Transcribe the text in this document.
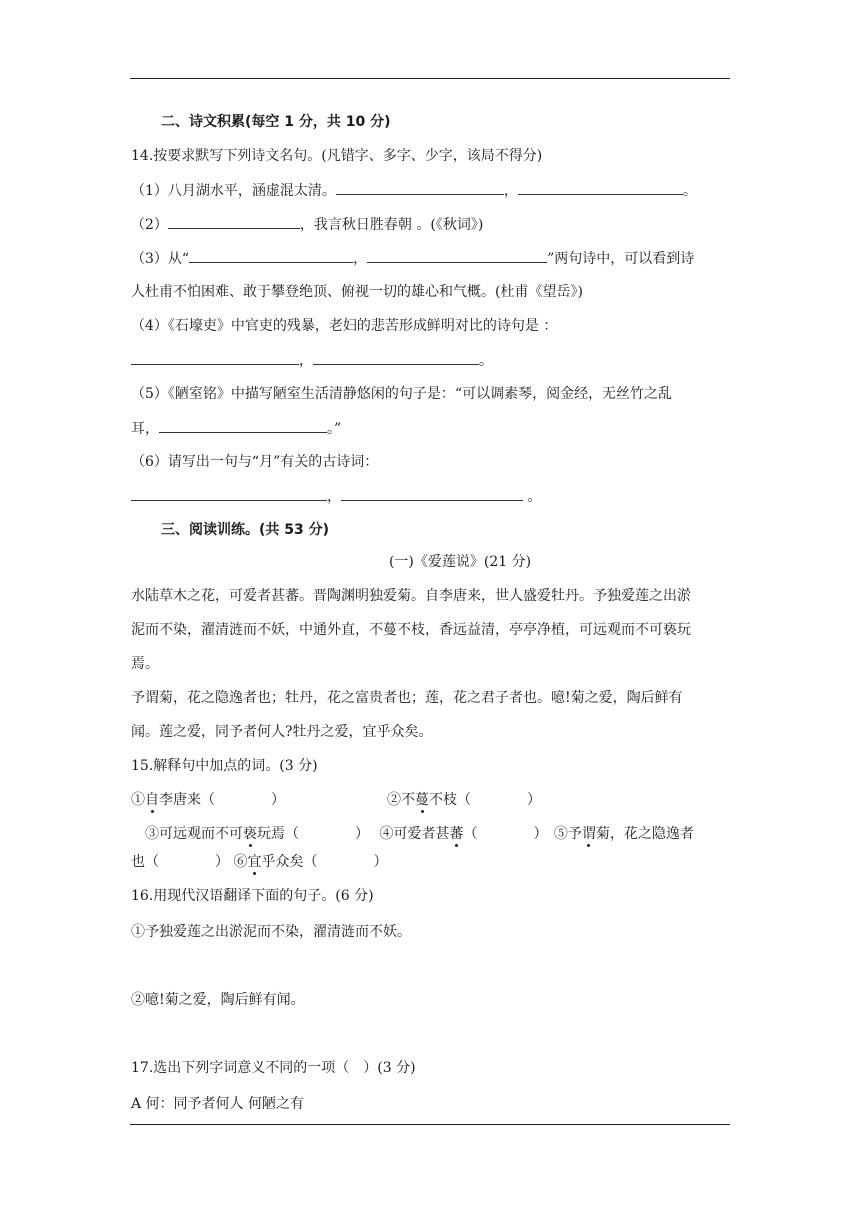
二、诗文积累(每空 1 分，共 10 分)
14.按要求默写下列诗文名句。(凡错字、多字、少字，该局不得分)
（1）八月湖水平，涵虚混太清。	，	。
（2）	，我言秋日胜春朝 。(《秋词》)
（3）从“	，	”两句诗中，可以看到诗
人杜甫不怕困难、敢于攀登绝顶、俯视一切的雄心和气概。(杜甫《望岳》)
（4）《石壕吏》中官吏的残暴，老妇的悲苦形成鲜明对比的诗句是 ：
，	。
（5）《陋室铭》中描写陋室生活清静悠闲的句子是：“可以调素琴，阅金经，无丝竹之乱
耳，	。”
（6）请写出一句与“月”有关的古诗词：
，	。
三、阅读训练。(共 53 分)
(一)《爱莲说》(21 分)
水陆草木之花，可爱者甚蕃。晋陶渊明独爱菊。自李唐来，世人盛爱牡丹。予独爱莲之出淤
泥而不染，濯清涟而不妖，中通外直，不蔓不枝，香远益清，亭亭净植，可远观而不可亵玩
焉。
予谓菊，花之隐逸者也；牡丹，花之富贵者也；莲，花之君子者也。噫!菊之爱，陶后鲜有
闻。莲之爱，同予者何人?牡丹之爱，宜乎众矣。
15.解释句中加点的词。(3 分)
①自李唐来（　　　　）	②不蔓不枝（　　　　）
③可远观而不可亵玩焉（　　　　） ④可爱者甚蕃（　　　　） ⑤予谓菊，花之隐逸者
也（　　　　） ⑥宜乎众矣（　　　　）
16.用现代汉语翻译下面的句子。(6 分)
①予独爱莲之出淤泥而不染，濯清涟而不妖。
②噫!菊之爱，陶后鲜有闻。
17.选出下列字词意义不同的一项（　）(3 分)
A 何：同予者何人 何陋之有
